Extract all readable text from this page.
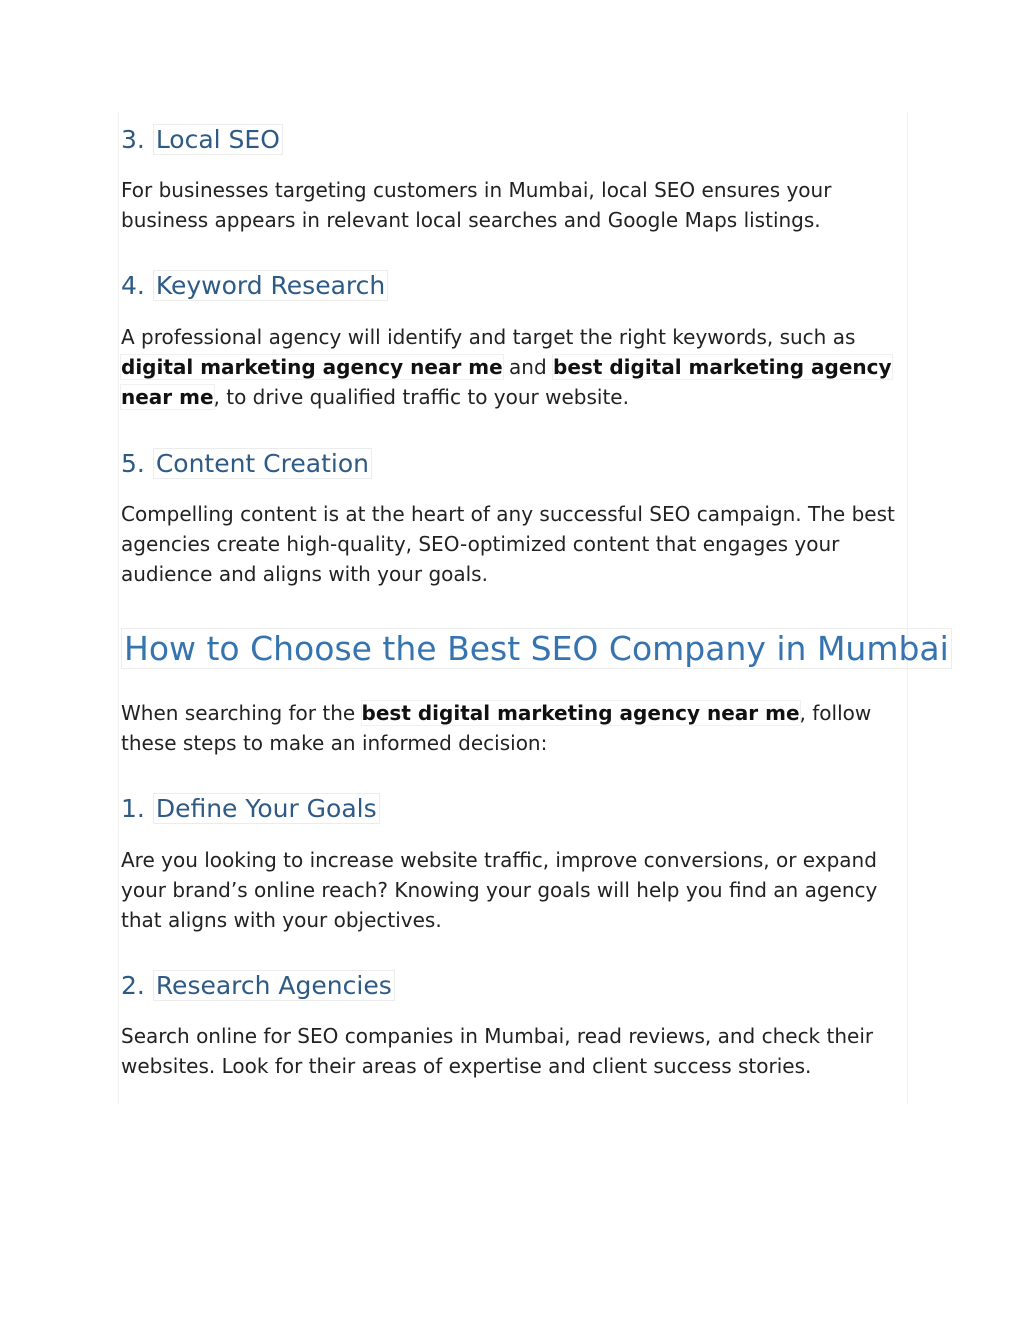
3. Local SEO

For businesses targeting customers in Mumbai, local SEO ensures your business appears in relevant local searches and Google Maps listings.

4. Keyword Research

A professional agency will identify and target the right keywords, such as digital marketing agency near me and best digital marketing agency near me, to drive qualified traffic to your website.

5. Content Creation

Compelling content is at the heart of any successful SEO campaign. The best agencies create high-quality, SEO-optimized content that engages your audience and aligns with your goals.

How to Choose the Best SEO Company in Mumbai

When searching for the best digital marketing agency near me, follow these steps to make an informed decision:

1. Define Your Goals

Are you looking to increase website traffic, improve conversions, or expand your brand’s online reach? Knowing your goals will help you find an agency that aligns with your objectives.

2. Research Agencies

Search online for SEO companies in Mumbai, read reviews, and check their websites. Look for their areas of expertise and client success stories.
